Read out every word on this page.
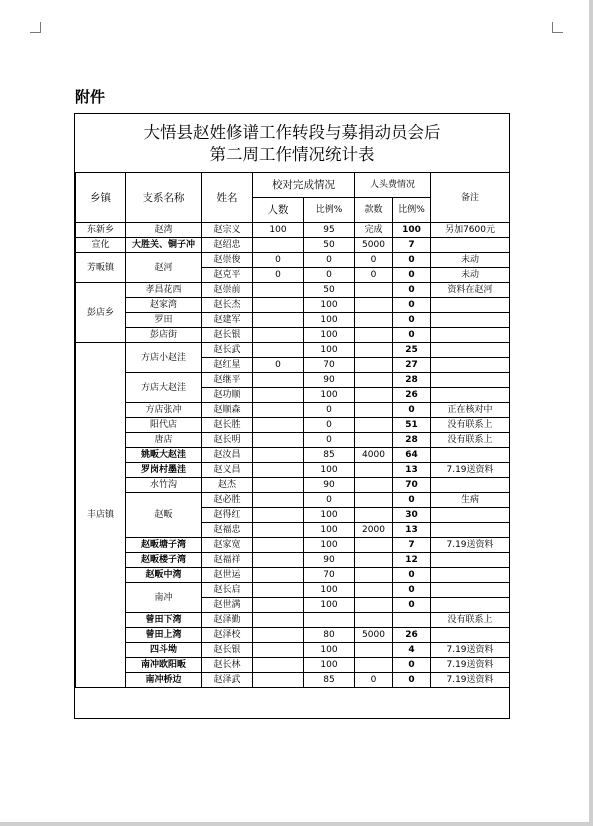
附件
大悟县赵姓修谱工作转段与募捐动员会后
第二周工作情况统计表
乡镇	支系名称	姓名	校对完成情况		人头费情况		备注
			人数	比例%	款数	比例%	
东新乡	赵湾	赵宗义	100	95	完成	100	另加7600元
宣化	大胜关、铜子冲	赵绍忠		50	5000	7	
芳畈镇	赵河	赵崇俊	0	0	0	0	未动
		赵克平	0	0	0	0	未动
彭店乡	孝昌花西	赵崇前		50		0	资料在赵河
	赵家湾	赵长杰		100		0	
	罗田	赵建军		100		0	
	彭店街	赵长银		100		0	
丰店镇	方店小赵洼	赵长武		100		25	
		赵红星	0	70		27	
	方店大赵洼	赵继平		90		28	
		赵功顺		100		26	
	方店张冲	赵顺森		0		0	正在核对中
	阳代店	赵长胜		0		51	没有联系上
	唐店	赵长明		0		28	没有联系上
	姚畈大赵洼	赵汝昌		85	4000	64	
	罗岗村墨洼	赵义昌		100		13	7.19送资料
	水竹沟	赵杰		90		70	
	赵畈	赵必胜		0		0	生病
		赵得红		100		30	
		赵福忠		100	2000	13	
	赵畈塘子湾	赵家宽		100		7	7.19送资料
	赵畈楼子湾	赵福祥		90		12	
	赵畈中湾	赵世运		70		0	
	南冲	赵长启		100		0	
		赵世满		100		0	
	曾田下湾	赵泽勤					没有联系上
	曾田上湾	赵泽校		80	5000	26	
	四斗坳	赵长银		100		4	7.19送资料
	南冲欧阳畈	赵长林		100		0	7.19送资料
	南冲桥边	赵泽武		85	0	0	7.19送资料
